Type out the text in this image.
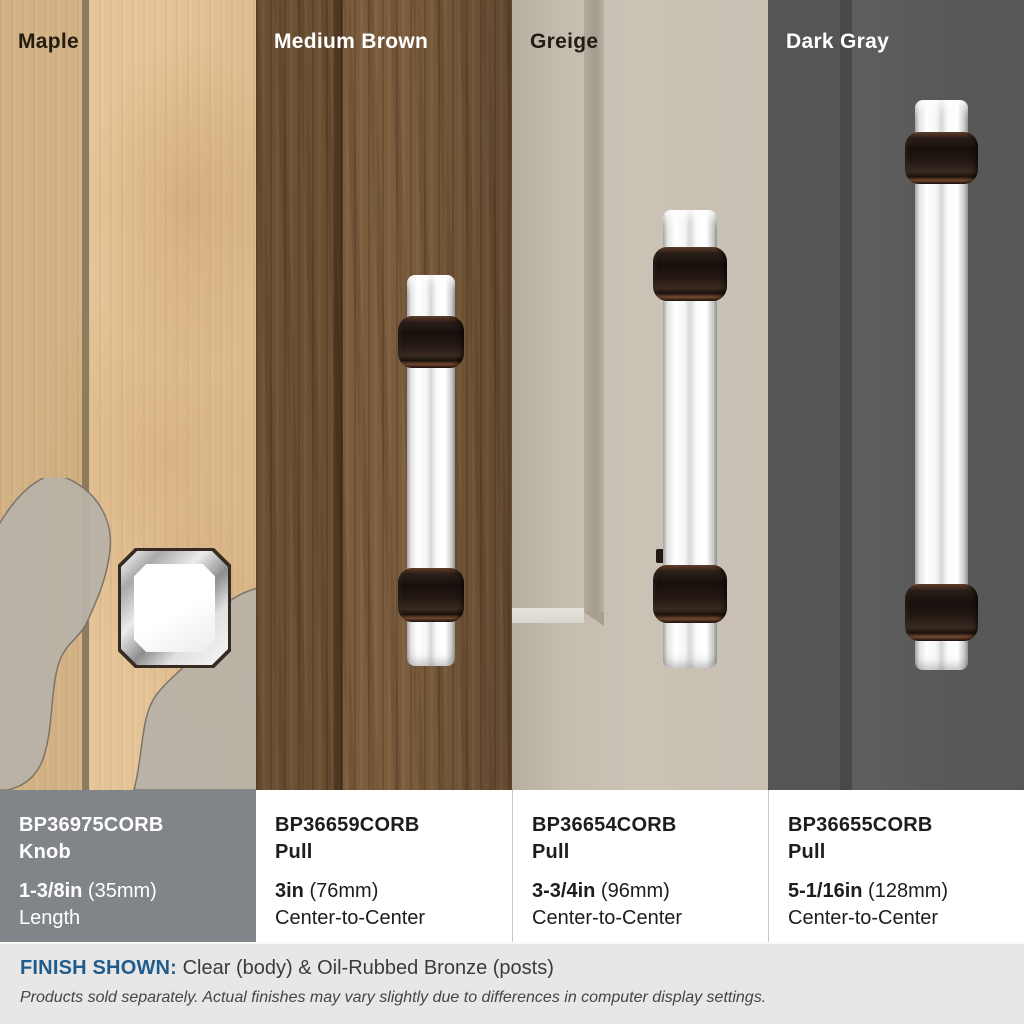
Maple

BP36975CORB
Knob

1-3/8in (35mm)
Length

Medium Brown

BP36659CORB
Pull

3in (76mm)
Center-to-Center

Greige

BP36654CORB
Pull

3-3/4in (96mm)
Center-to-Center

Dark Gray

BP36655CORB
Pull

5-1/16in (128mm)
Center-to-Center

FINISH SHOWN: Clear (body) & Oil-Rubbed Bronze (posts)

Products sold separately. Actual finishes may vary slightly due to differences in computer display settings.
